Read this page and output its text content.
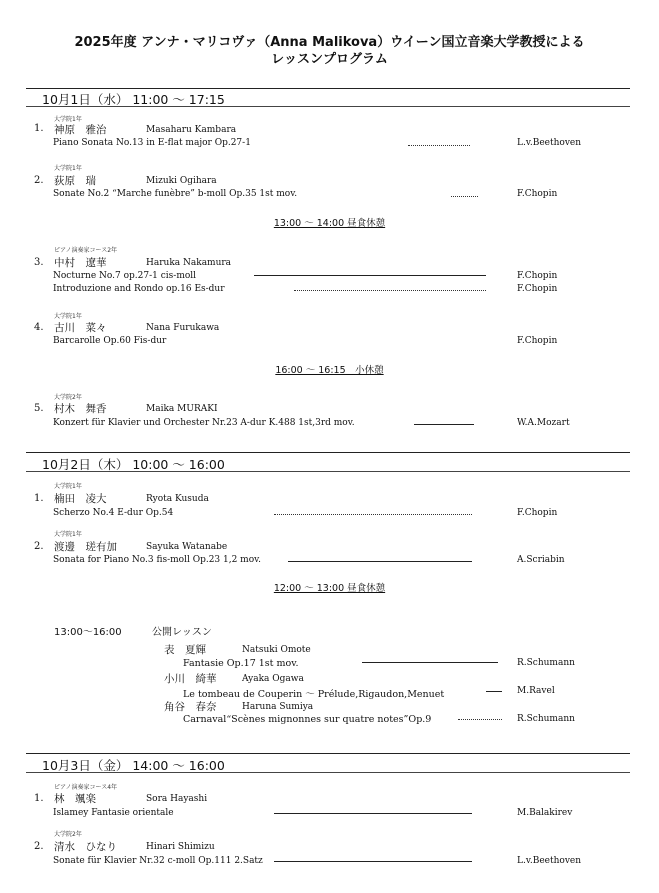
2025年度 アンナ・マリコヴァ（Anna Malikova）ウイーン国立音楽大学教授による
レッスンプログラム
10月1日（水） 11:00 〜 17:15
大学院1年
1. 神原　雅治	Masaharu Kambara
Piano Sonata No.13 in E-flat major Op.27-1	L.v.Beethoven
大学院1年
2. 荻原　瑞	Mizuki Ogihara
Sonate No.2 “Marche funèbre” b-moll Op.35 1st mov.	F.Chopin
13:00 〜 14:00 昼食休憩
ピアノ演奏家コース2年
3. 中村　遼華	Haruka Nakamura
Nocturne No.7 op.27-1 cis-moll	F.Chopin
Introduzione and Rondo op.16 Es-dur	F.Chopin
大学院1年
4. 古川　菜々	Nana Furukawa
Barcarolle Op.60 Fis-dur	F.Chopin
16:00 〜 16:15　小休憩
大学院2年
5. 村木　舞香	Maika MURAKI
Konzert für Klavier und Orchester Nr.23 A-dur K.488 1st,3rd mov.	W.A.Mozart
10月2日（木） 10:00 〜 16:00
大学院1年
1. 楠田　凌大	Ryota Kusuda
Scherzo No.4 E-dur Op.54	F.Chopin
大学院1年
2. 渡邊　瑳有加	Sayuka Watanabe
Sonata for Piano No.3 fis-moll Op.23 1,2 mov.	A.Scriabin
12:00 〜 13:00 昼食休憩
13:00〜16:00	公開レッスン
表　夏輝	Natsuki Omote
Fantasie Op.17 1st mov.	R.Schumann
小川　綺華	Ayaka Ogawa
Le tombeau de Couperin 〜 Prélude,Rigaudon,Menuet	M.Ravel
角谷　春奈	Haruna Sumiya
Carnaval“Scènes mignonnes sur quatre notes”Op.9	R.Schumann
10月3日（金） 14:00 〜 16:00
ピアノ演奏家コース4年
1. 林　颯楽	Sora Hayashi
Islamey Fantasie orientale	M.Balakirev
大学院2年
2. 清水　ひなり	Hinari Shimizu
Sonate für Klavier Nr.32 c-moll Op.111 2.Satz	L.v.Beethoven
